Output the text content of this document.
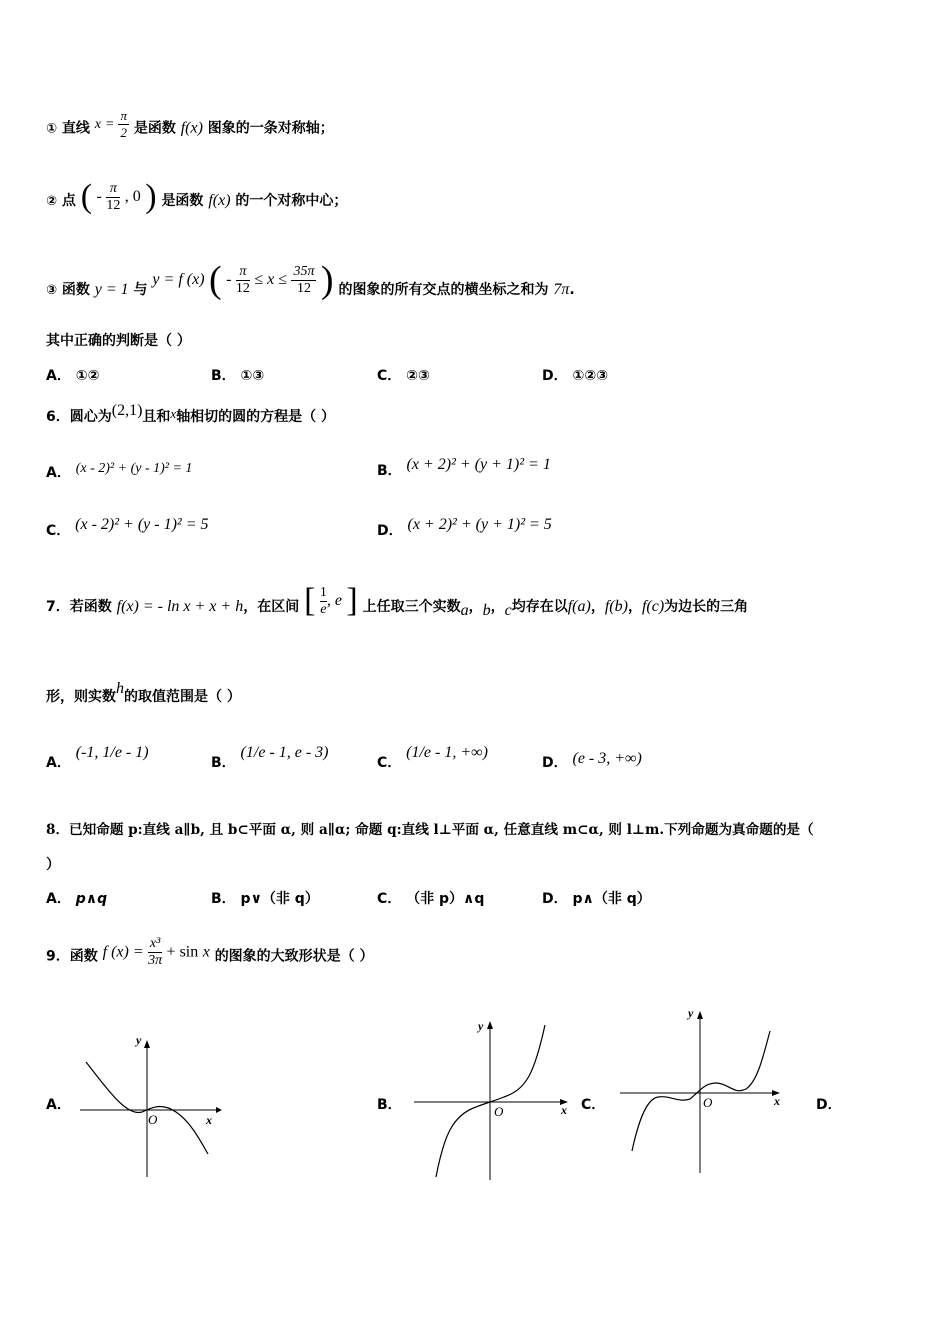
① 直线 $x = \frac{\pi}{2}$ 是函数 f(x) 图象的一条对称轴；
② 点 ( - $\frac{\pi}{12}$ , 0 ) 是函数 f(x) 的一个对称中心；
③ 函数 y = 1 与 y = f (x) ( - $\frac{\pi}{12} \le x \le \frac{35\pi}{12}$ ) 的图象的所有交点的横坐标之和为 7π.
其中正确的判断是（ ）
A． ①②	B． ①③	C． ②③	D． ①②③
6．圆心为(2,1)且和x轴相切的圆的方程是（ ）
A． (x - 2)² + (y - 1)² = 1	B． (x + 2)² + (y + 1)² = 1
C． (x - 2)² + (y - 1)² = 5	D． (x + 2)² + (y + 1)² = 5
7．若函数 f(x) = - ln x + x + h，在区间 [ $\frac{1}{e}$ , e ] 上任取三个实数a，b，c均存在以f(a)，f(b)，f(c)为边长的三角
形，则实数h的取值范围是（ ）
A． (-1, 1/e - 1)
B． (1/e - 1, e - 3)
C． (1/e - 1, +∞)
D． (e - 3, +∞)
8．已知命题 p:直线 a∥b, 且 b⊂平面 α, 则 a∥α; 命题 q:直线 l⊥平面 α, 任意直线 m⊂α, 则 l⊥m.下列命题为真命题的是（
）
A． p∧q	B． p∨（非 q）	C． （非 p）∧q	D． p∧（非 q）
9．函数 f $(x) = \frac{\text{x³}}{3\pi} + \sin x$ 的图象的大致形状是（ ）
A．	B．	C．	D．
y
x
O
y
x
O
y
x
O
